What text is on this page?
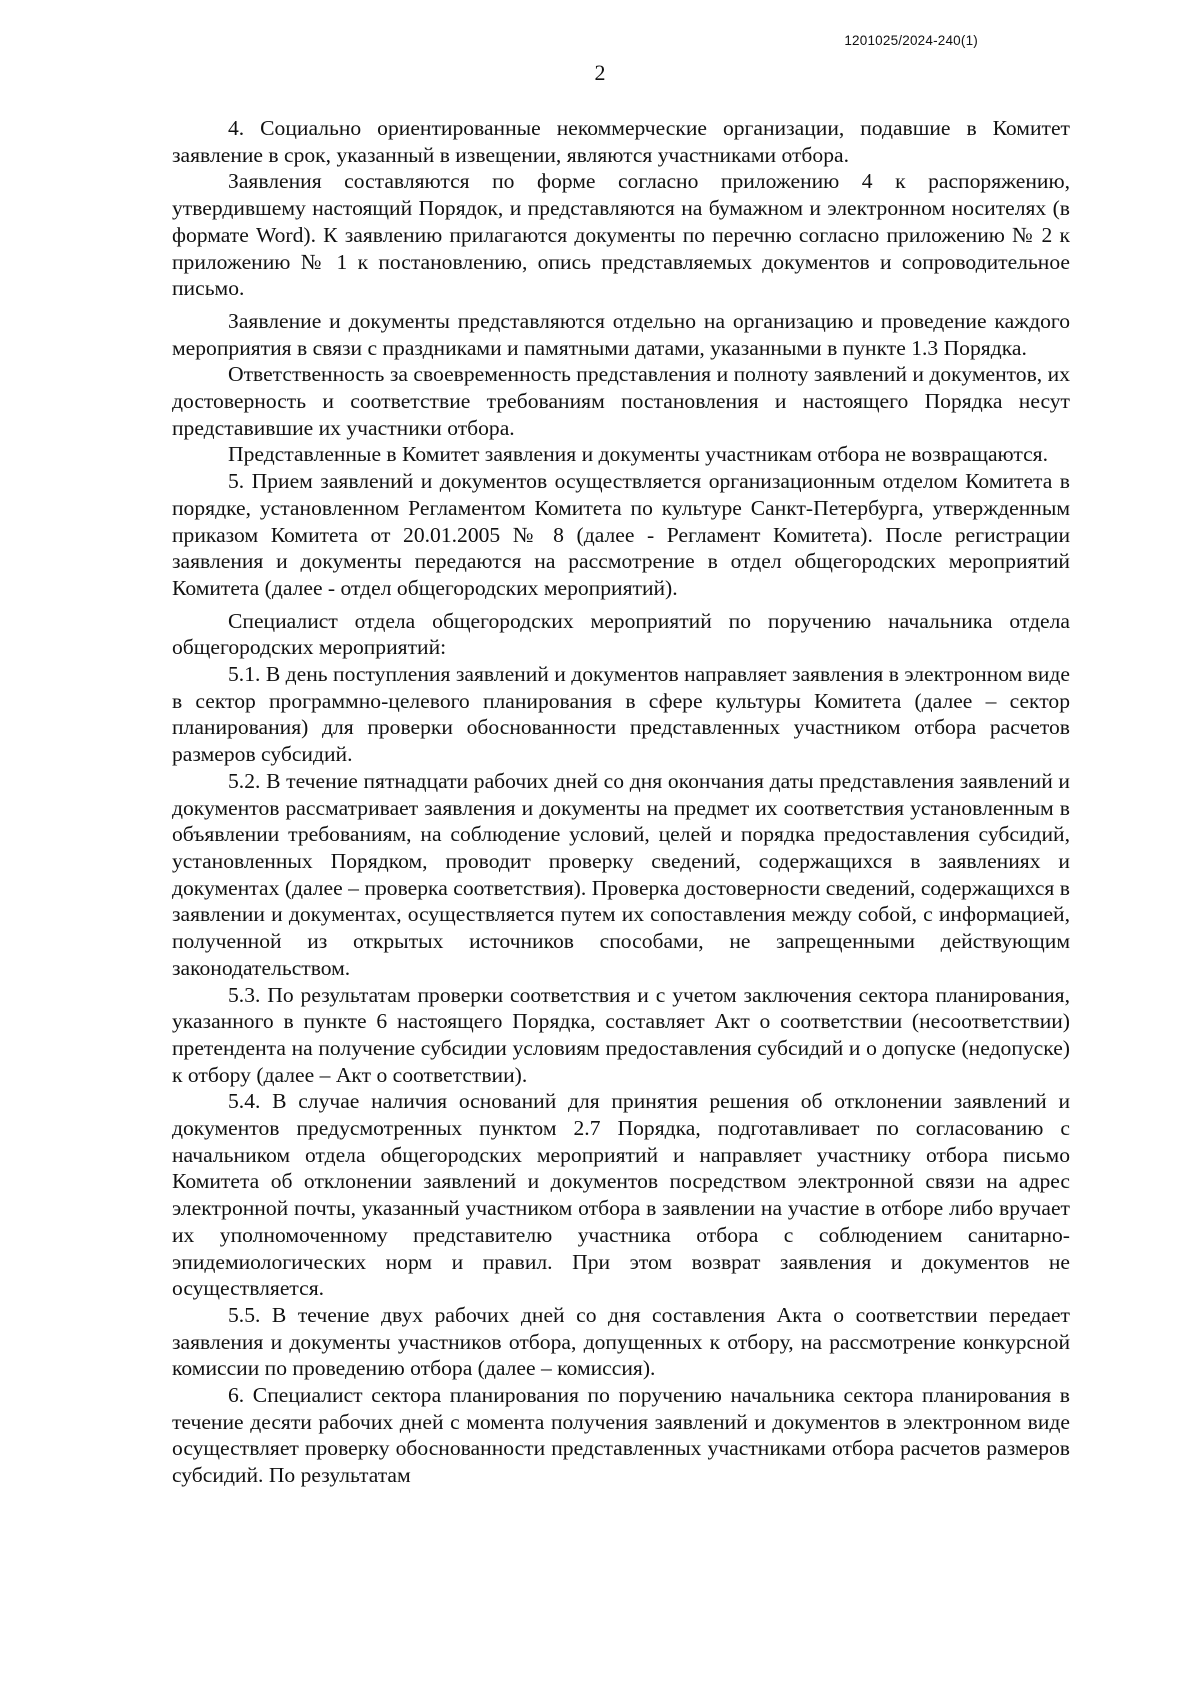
1201025/2024-240(1)
2

4. Социально ориентированные некоммерческие организации, подавшие в Комитет заявление в срок, указанный в извещении, являются участниками отбора.

Заявления составляются по форме согласно приложению 4 к распоряжению, утвердившему настоящий Порядок, и представляются на бумажном и электронном носителях (в формате Word). К заявлению прилагаются документы по перечню согласно приложению № 2 к приложению № 1 к постановлению, опись представляемых документов и сопроводительное письмо.

Заявление и документы представляются отдельно на организацию и проведение каждого мероприятия в связи с праздниками и памятными датами, указанными в пункте 1.3 Порядка.

Ответственность за своевременность представления и полноту заявлений и документов, их достоверность и соответствие требованиям постановления и настоящего Порядка несут представившие их участники отбора.

Представленные в Комитет заявления и документы участникам отбора не возвращаются.

5. Прием заявлений и документов осуществляется организационным отделом Комитета в порядке, установленном Регламентом Комитета по культуре Санкт-Петербурга, утвержденным приказом Комитета от 20.01.2005 № 8 (далее - Регламент Комитета). После регистрации заявления и документы передаются на рассмотрение в отдел общегородских мероприятий Комитета (далее - отдел общегородских мероприятий).

Специалист отдела общегородских мероприятий по поручению начальника отдела общегородских мероприятий:

5.1. В день поступления заявлений и документов направляет заявления в электронном виде в сектор программно-целевого планирования в сфере культуры Комитета (далее – сектор планирования) для проверки обоснованности представленных участником отбора расчетов размеров субсидий.

5.2. В течение пятнадцати рабочих дней со дня окончания даты представления заявлений и документов рассматривает заявления и документы на предмет их соответствия установленным в объявлении требованиям, на соблюдение условий, целей и порядка предоставления субсидий, установленных Порядком, проводит проверку сведений, содержащихся в заявлениях и документах (далее – проверка соответствия). Проверка достоверности сведений, содержащихся в заявлении и документах, осуществляется путем их сопоставления между собой, с информацией, полученной из открытых источников способами, не запрещенными действующим законодательством.

5.3. По результатам проверки соответствия и с учетом заключения сектора планирования, указанного в пункте 6 настоящего Порядка, составляет Акт о соответствии (несоответствии) претендента на получение субсидии условиям предоставления субсидий и о допуске (недопуске) к отбору (далее – Акт о соответствии).

5.4. В случае наличия оснований для принятия решения об отклонении заявлений и документов предусмотренных пунктом 2.7 Порядка, подготавливает по согласованию с начальником отдела общегородских мероприятий и направляет участнику отбора письмо Комитета об отклонении заявлений и документов посредством электронной связи на адрес электронной почты, указанный участником отбора в заявлении на участие в отборе либо вручает их уполномоченному представителю участника отбора с соблюдением санитарно-эпидемиологических норм и правил. При этом возврат заявления и документов не осуществляется.

5.5. В течение двух рабочих дней со дня составления Акта о соответствии передает заявления и документы участников отбора, допущенных к отбору, на рассмотрение конкурсной комиссии по проведению отбора (далее – комиссия).

6. Специалист сектора планирования по поручению начальника сектора планирования в течение десяти рабочих дней с момента получения заявлений и документов в электронном виде осуществляет проверку обоснованности представленных участниками отбора расчетов размеров субсидий. По результатам
